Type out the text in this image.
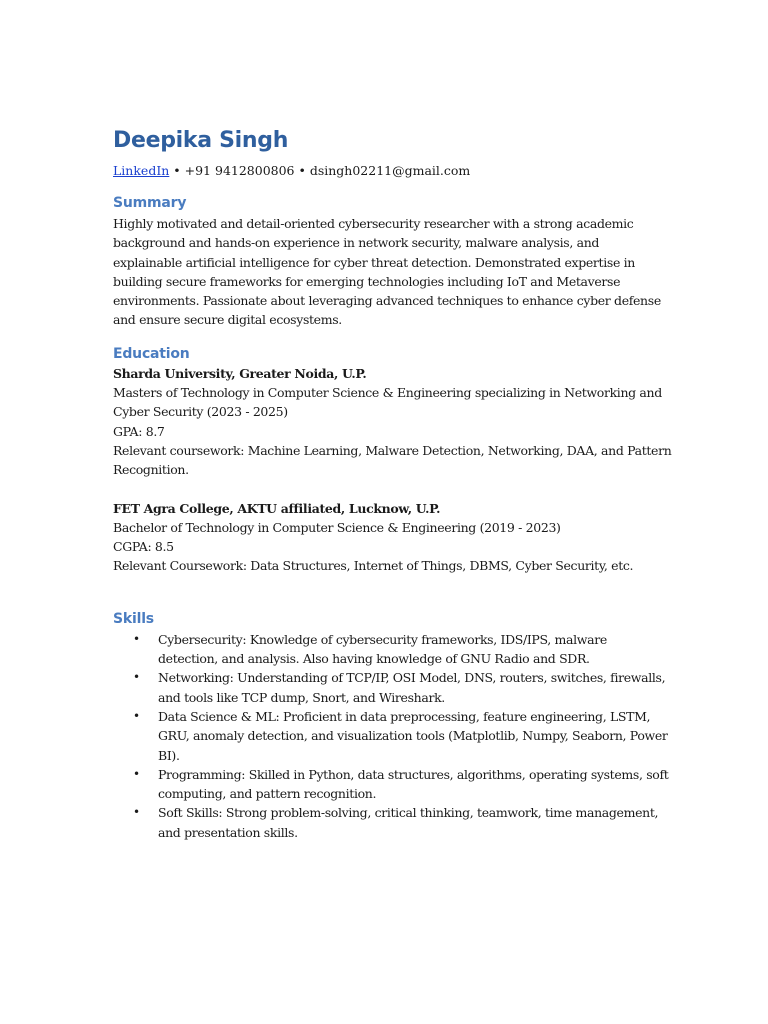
Deepika Singh
LinkedIn • +91 9412800806 • dsingh02211@gmail.com
Summary

Highly motivated and detail-oriented cybersecurity researcher with a strong academic
background and hands-on experience in network security, malware analysis, and
explainable artificial intelligence for cyber threat detection. Demonstrated expertise in
building secure frameworks for emerging technologies including IoT and Metaverse
environments. Passionate about leveraging advanced techniques to enhance cyber defense
and ensure secure digital ecosystems.

Education
Sharda University, Greater Noida, U.P.
Masters of Technology in Computer Science & Engineering specializing in Networking and
Cyber Security (2023 - 2025)
GPA: 8.7
Relevant coursework: Machine Learning, Malware Detection, Networking, DAA, and Pattern
Recognition.
FET Agra College, AKTU affiliated, Lucknow, U.P.
Bachelor of Technology in Computer Science & Engineering (2019 - 2023)
CGPA: 8.5
Relevant Coursework: Data Structures, Internet of Things, DBMS, Cyber Security, etc.
Skills
• Cybersecurity: Knowledge of cybersecurity frameworks, IDS/IPS, malware
detection, and analysis. Also having knowledge of GNU Radio and SDR.
• Networking: Understanding of TCP/IP, OSI Model, DNS, routers, switches, firewalls,
and tools like TCP dump, Snort, and Wireshark.
• Data Science & ML: Proficient in data preprocessing, feature engineering, LSTM,
GRU, anomaly detection, and visualization tools (Matplotlib, Numpy, Seaborn, Power
BI).
• Programming: Skilled in Python, data structures, algorithms, operating systems, soft
computing, and pattern recognition.
• Soft Skills: Strong problem-solving, critical thinking, teamwork, time management,
and presentation skills.
